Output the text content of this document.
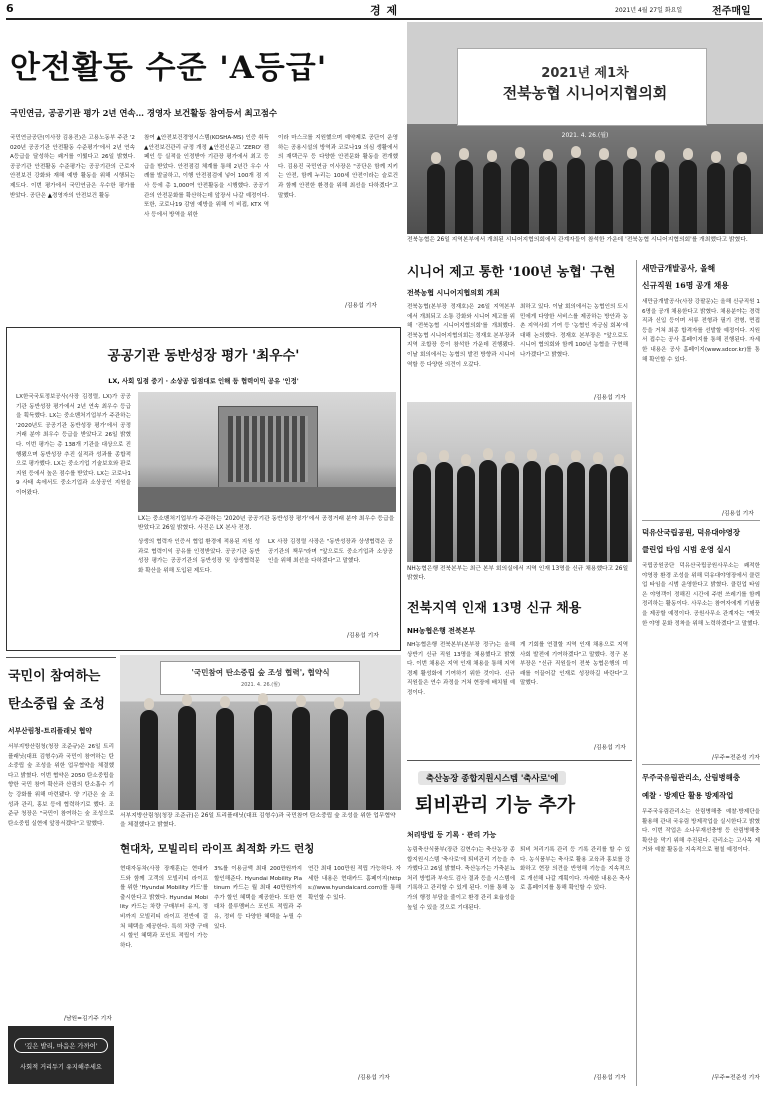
6	경 제	2021년 4월 27일 화요일	전주매일
안전활동 수준 'A등급'
국민연금, 공공기관 평가 2년 연속… 경영자 보건활동 참여등서 최고점수
국민연금공단(이사장 김용진)은 고용노동부 주관 '2020년 공공기관 안전활동 수준평가'에서 2년 연속 A등급을 달성하는 쾌거를 이뤘다고 26일 밝혔다. 공공기관 안전활동 수준평가는 공공기관의 근로자 안전보건 강화와 재해 예방 활동을 위해 시행되는 제도다. 이번 평가에서 국민연금은 우수한 평가를 받았다. 공단은 ▲경영자의 안전보건 활동
참여 ▲안전보건경영시스템(KOSHA-MS) 인증 취득 ▲안전보건관리 규정 개정 ▲안전신문고 'ZERO' 캠페인 등 실적을 인정받아 기관장 평가에서 최고 등급을 받았다. 안전점검 체계를 통해 2년간 우수 사례를 발굴하고, 이행 안전점검에 넣어 100개 점 지사 등에 총 1,000여 안전활동을 시행했다. 공공기관의 안전문화를 확산하는데 앞장서 나갈 예정이다. 또한, 코로나19 감염 예방을 위해 이 비접, KTX 역사 등에서 방역을 위한
이라 마스크를 지원했으며 예약제로 공단이 운영하는 공용시설의 방역과 코로나19 의심 생활에서의 재택근무 등 다양한 안전문화 활동을 전개했다. 김용진 국민연금 이사장은 "공단은 함께 지키는 안전, 함께 누리는 100세 안전이라는 슬로건과 함께 안전한 환경을 위해 최선을 다하겠다"고 말했다.
/김용섭 기자
2021년 제1차
전북농협 시니어지협의회
2021. 4. 26.(월)
전북농협은 26일 지역본부에서 개최된 시니어지협의회에서 관계자들이 참석한 가운데 '전북농협 시니어지협의회'를 개최했다고 밝혔다.
시니어 제고 통한 '100년 농협' 구현
전북농협 시니어지협의회 개최
전북농협(본부장 정재호)은 26일 지역본부에서 개최되고 소통 강화와 시니어 제고를 위해 '전북농협 시니어지협의회'를 개최했다. 전북농협 시니어지협의회는 정재호 본부장과 지역 조합장 등이 참석한 가운데 진행됐다. 이날 회의에서는 농협의 발전 방향과 시니어 역할 등 다양한 의견이 오갔다.
최하고 있다. 이날 회의에서는 농협인의 도시민에게 다양한 서비스를 제공하는 방안과 농촌 지역사회 기여 등 '농협인 자긍심 회복'에 대해 논의했다. 정재호 본부장은 "앞으로도 시니어 협의회와 함께 100년 농협을 구현해 나가겠다"고 밝혔다.
/김용섭 기자
공공기관 동반성장 평가 '최우수'
LX, 사회 입점 중기 · 소상공 입점대로 인해 등 협력이익 공유 '인정'
LX한국국토정보공사(사장 김정렬, LX)가 공공기관 동반성장 평가에서 2년 연속 최우수 등급을 획득했다. LX는 중소벤처기업부가 주관하는 '2020년도 공공기관 동반성장 평가'에서 공정거래 분야 최우수 등급을 받았다고 26일 밝혔다. 이번 평가는 총 138개 기관을 대상으로 진행됐으며 동반성장 추진 실적과 성과를 종합적으로 평가했다. LX는 중소기업 기술보호와 판로 지원 등에서 높은 점수를 받았다. LX는 코로나19 사태 속에서도 중소기업과 소상공인 지원을 이어왔다.
LX는 중소벤처기업부가 주관하는 '2020년 공공기관 동반성장 평가'에서 공정거래 분야 최우수 등급을 받았다고 26일 밝혔다. 사진은 LX 본사 전경.
상생의 협력자 인증서 협업 환경에 적용된 지원 성과로 협력이익 공유를 인정받았다. 공공기관 동반성장 평가는 공공기관의 동반성장 및 상생협력문화 확산을 위해 도입된 제도다.
LX 사장 김정렬 사장은 "동반성장과 상생협력은 공공기관의 책무"라며 "앞으로도 중소기업과 소상공인을 위해 최선을 다하겠다"고 말했다.
/김용섭 기자
NH농협은행 전북본부는 최근 본부 회의실에서 지역 인재 13명을 신규 채용했다고 26일 밝혔다.
전북지역 인재 13명 신규 채용
NH농협은행 전북본부
NH농협은행 전북본부(본부장 정구)는 올해 상반기 신규 직원 13명을 채용했다고 밝혔다. 이번 채용은 지역 인재 채용을 통해 지역 경제 활성화에 기여하기 위한 것이다. 신규 직원들은 연수 과정을 거쳐 현장에 배치될 예정이다.
게 기회를 연결할 지역 인재 채용으로 지역 사회 발전에 기여하겠다"고 말했다. 정구 본부장은 "신규 직원들이 전북 농협은행의 미래를 이끌어갈 인재로 성장하길 바란다"고 말했다.
/김용섭 기자
새만금개발공사, 올해
신규직원 16명 공개 채용
새만금개발공사(사장 강팔문)는 올해 신규직원 16명을 공개 채용한다고 밝혔다. 채용분야는 경력직과 신입 등이며 서류 전형과 필기 전형, 면접 등을 거쳐 최종 합격자를 선발할 예정이다. 지원서 접수는 공사 홈페이지를 통해 진행된다. 자세한 내용은 공사 홈페이지(www.sdcor.kr)를 통해 확인할 수 있다.
/김용섭 기자
덕유산국립공원, 덕유대야영장
클린업 타임 시범 운영 실시
국립공원공단 덕유산국립공원사무소는 쾌적한 야영장 환경 조성을 위해 덕유대야영장에서 클린업 타임을 시범 운영한다고 밝혔다. 클린업 타임은 야영객이 정해진 시간에 주변 쓰레기를 함께 정리하는 활동이다. 사무소는 참여자에게 기념품을 제공할 예정이다. 공원사무소 관계자는 "깨끗한 야영 문화 정착을 위해 노력하겠다"고 말했다.
/무주=전준성 기자
무주국유림관리소, 산림병해충
예찰 · 방제단 활용 방제작업
무주국유림관리소는 산림병해충 예찰·방제단을 활용해 관내 국유림 방제작업을 실시한다고 밝혔다. 이번 작업은 소나무재선충병 등 산림병해충 확산을 막기 위해 추진된다. 관리소는 고사목 제거와 예찰 활동을 지속적으로 펼칠 예정이다.
/무주=전준성 기자
국민이 참여하는 탄소중립 숲 조성
서부산림청-트리플래닛 협약
서부지방산림청(청장 조준규)은 26일 트리플래닛(대표 김형수)과 국민이 참여하는 탄소중립 숲 조성을 위한 업무협약을 체결했다고 밝혔다. 이번 협약은 2050 탄소중립을 향한 국민 참여 확산과 산림의 탄소흡수 기능 강화를 위해 마련됐다. 양 기관은 숲 조성과 관리, 홍보 등에 협력하기로 했다. 조준규 청장은 "국민이 참여하는 숲 조성으로 탄소중립 실현에 앞장서겠다"고 말했다.
/남원=김기주 기자
'깊은 밭리, 마음은 가까이'
사회적 거리두기 유지해주세요
'국민참여 탄소중립 숲 조성 협력', 협약식
2021. 4. 26.(월)
서부지방산림청(청장 조준규)은 26일 트리플래닛(대표 김형수)과 국민참여 탄소중립 숲 조성을 위한 업무협약을 체결했다고 밝혔다.
현대차, 모빌리티 라이프 최적화 카드 런칭
현대자동차(사장 장재훈)는 현대카드와 함께 고객의 모빌리티 라이프를 위한 'Hyundai Mobility 카드'를 출시한다고 밝혔다. Hyundai Mobility 카드는 차량 구매부터 유지, 정비까지 모빌리티 라이프 전반에 걸쳐 혜택을 제공한다. 특히 차량 구매 시 할인 혜택과 포인트 적립이 가능하다.
3%를 이용금액 최대 200만원까지 할인해준다. Hyundai Mobility Platinum 카드는 월 최대 40만원까지 추가 할인 혜택을 제공한다. 또한 현대차 블루멤버스 포인트 적립과 주유, 정비 등 다양한 혜택을 누릴 수 있다.
연간 최대 100만원 적립 가능하다. 자세한 내용은 현대카드 홈페이지(https://www.hyundaicard.com)를 통해 확인할 수 있다.
/김용섭 기자
축산농장 종합지원시스템 '축사로'에
퇴비관리 기능 추가
처리방법 등 기록 · 관리 가능
농림축산식품부(장관 김현수)는 축산농장 종합지원시스템 '축사로'에 퇴비관리 기능을 추가했다고 26일 밝혔다. 축산농가는 가축분뇨 처리 방법과 부숙도 검사 결과 등을 시스템에 기록하고 관리할 수 있게 된다. 이를 통해 농가의 행정 부담을 줄이고 환경 관리 효율성을 높일 수 있을 것으로 기대된다.
퇴비 처리기록 관리 등 기록 관리를 할 수 있다. 농식품부는 축사로 활용 교육과 홍보를 강화하고 현장 의견을 반영해 기능을 지속적으로 개선해 나갈 계획이다. 자세한 내용은 축사로 홈페이지를 통해 확인할 수 있다.
/김용섭 기자
